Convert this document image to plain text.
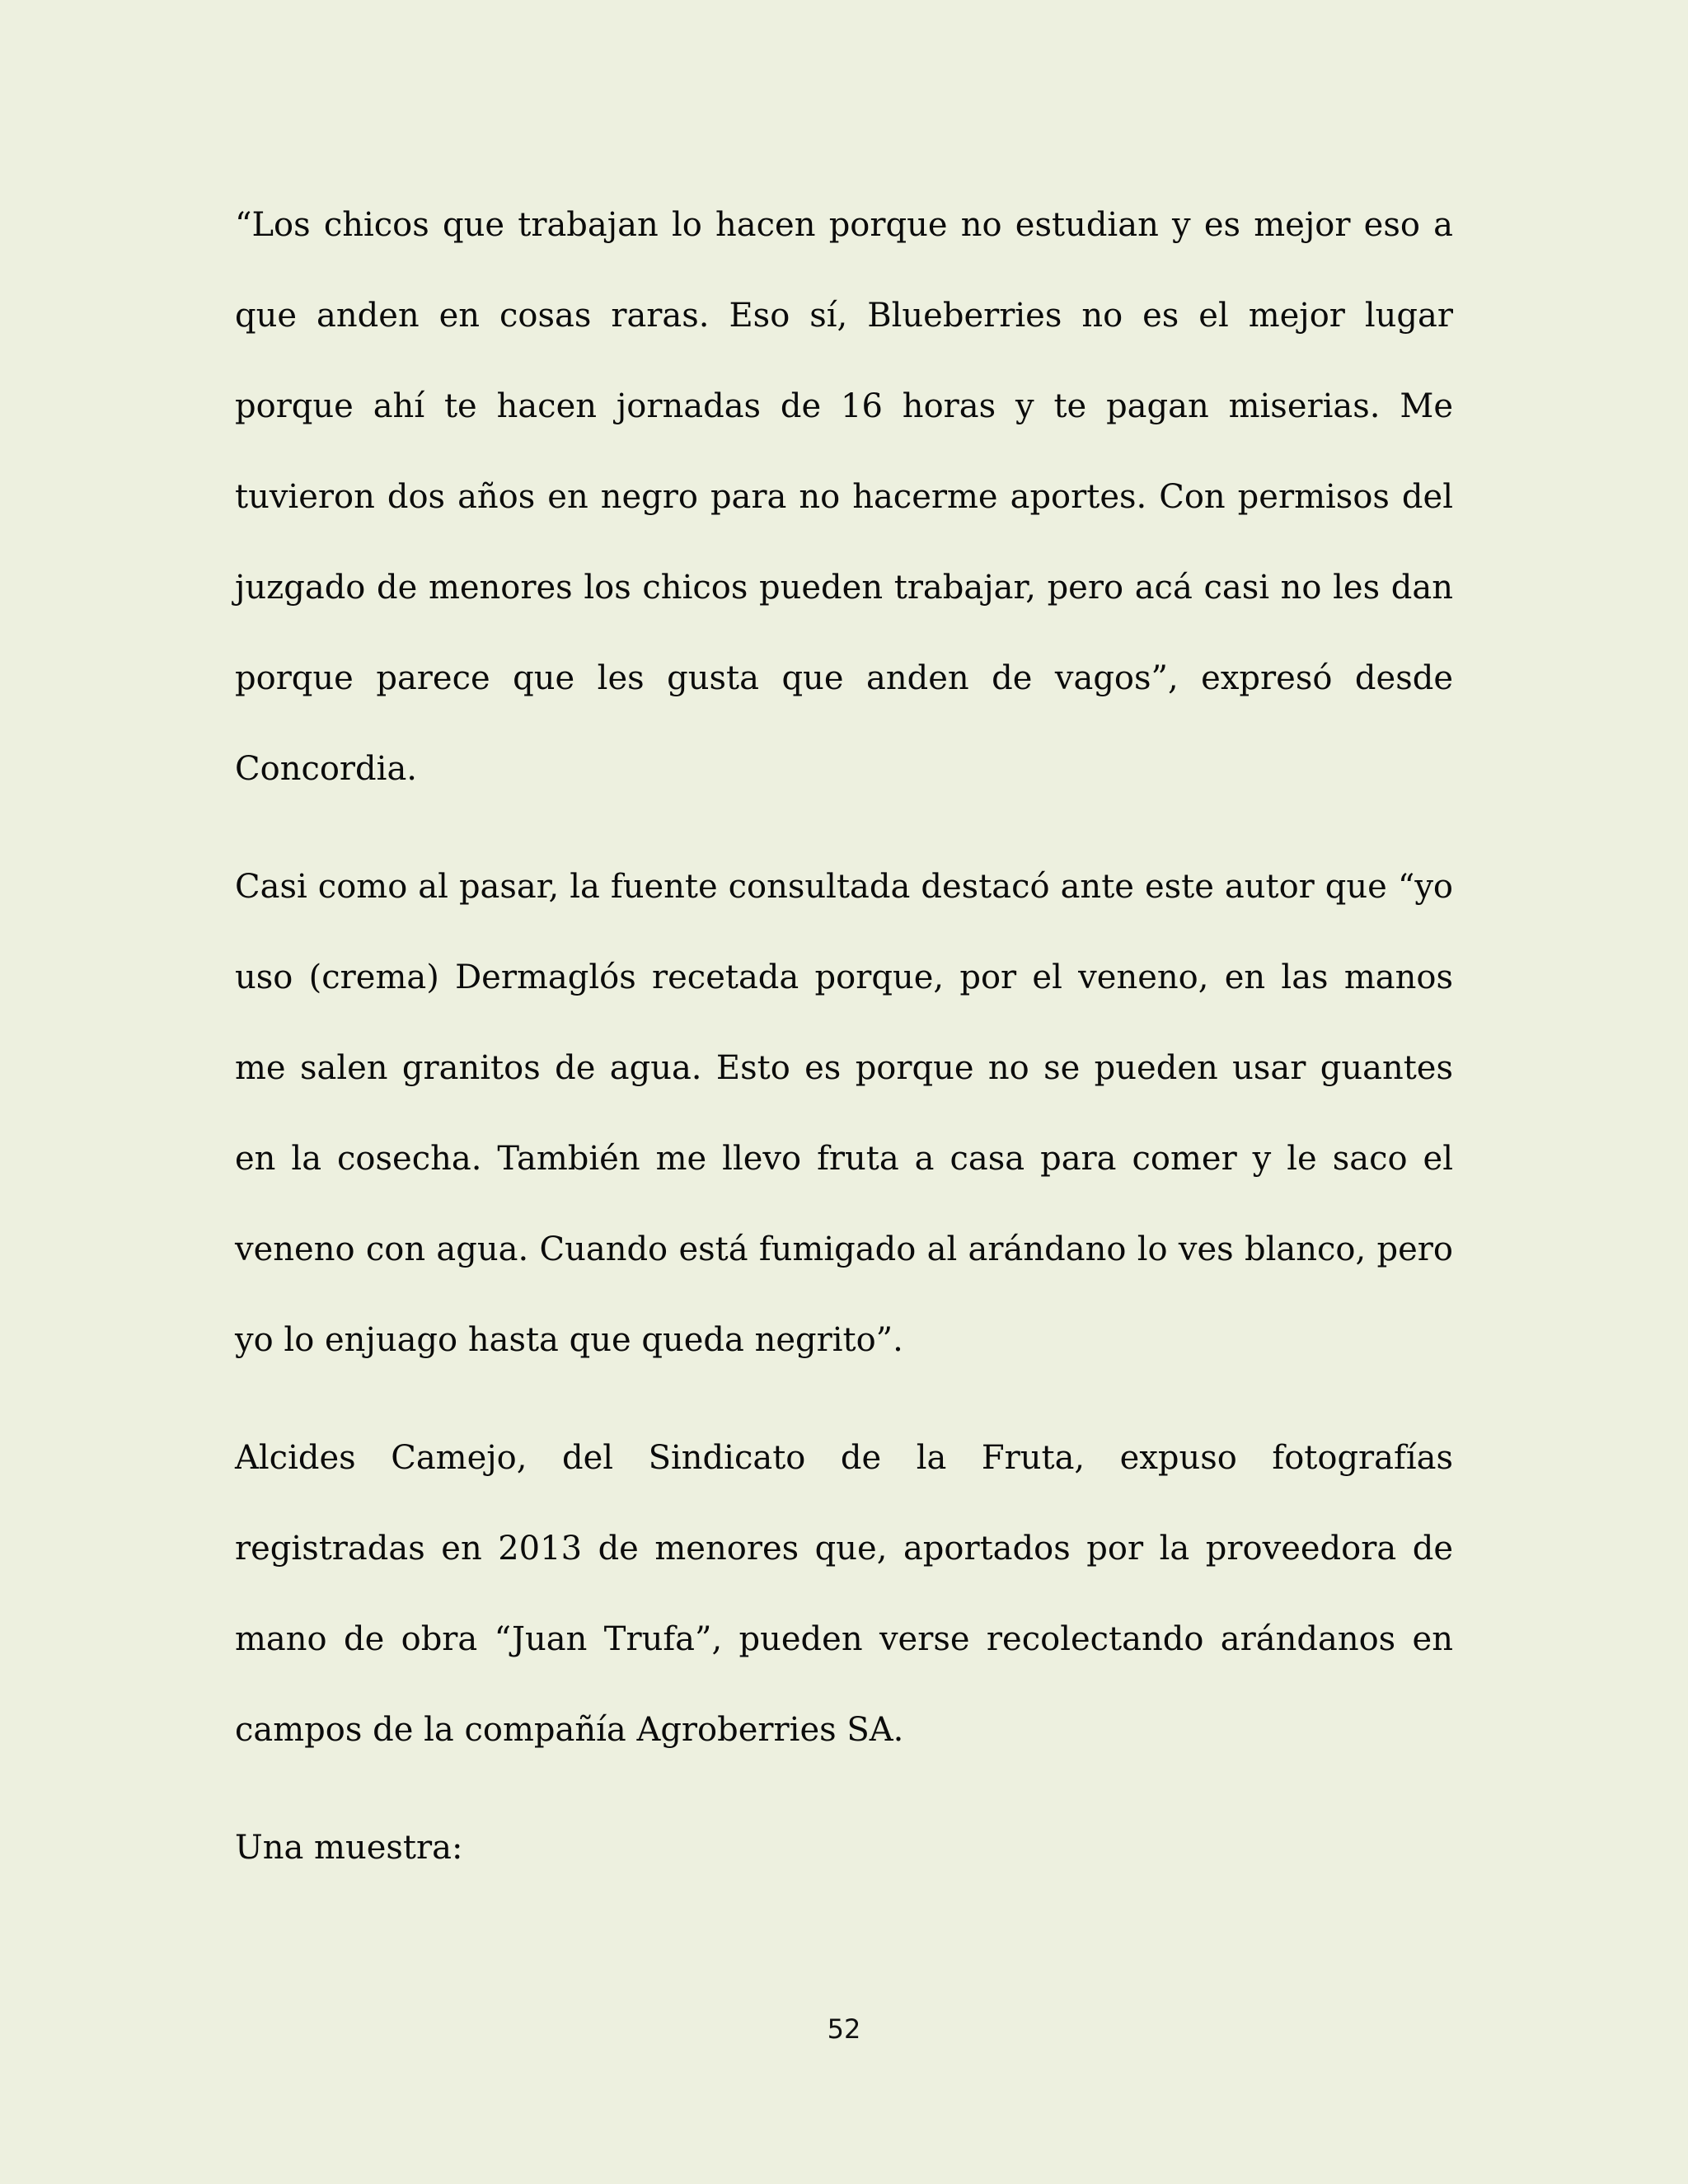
“Los chicos que trabajan lo hacen porque no estudian y es mejor eso a que anden en cosas raras. Eso sí, Blueberries no es el mejor lugar porque ahí te hacen jornadas de 16 horas y te pagan miserias. Me tuvieron dos años en negro para no hacerme aportes. Con permisos del juzgado de menores los chicos pueden trabajar, pero acá casi no les dan porque parece que les gusta que anden de vagos”, expresó desde Concordia.

Casi como al pasar, la fuente consultada destacó ante este autor que “yo uso (crema) Dermaglós recetada porque, por el veneno, en las manos me salen granitos de agua. Esto es porque no se pueden usar guantes en la cosecha. También me llevo fruta a casa para comer y le saco el veneno con agua. Cuando está fumigado al arándano lo ves blanco, pero yo lo enjuago hasta que queda negrito”.

Alcides Camejo, del Sindicato de la Fruta, expuso fotografías registradas en 2013 de menores que, aportados por la proveedora de mano de obra “Juan Trufa”, pueden verse recolectando arándanos en campos de la compañía Agroberries SA.

Una muestra:

52
